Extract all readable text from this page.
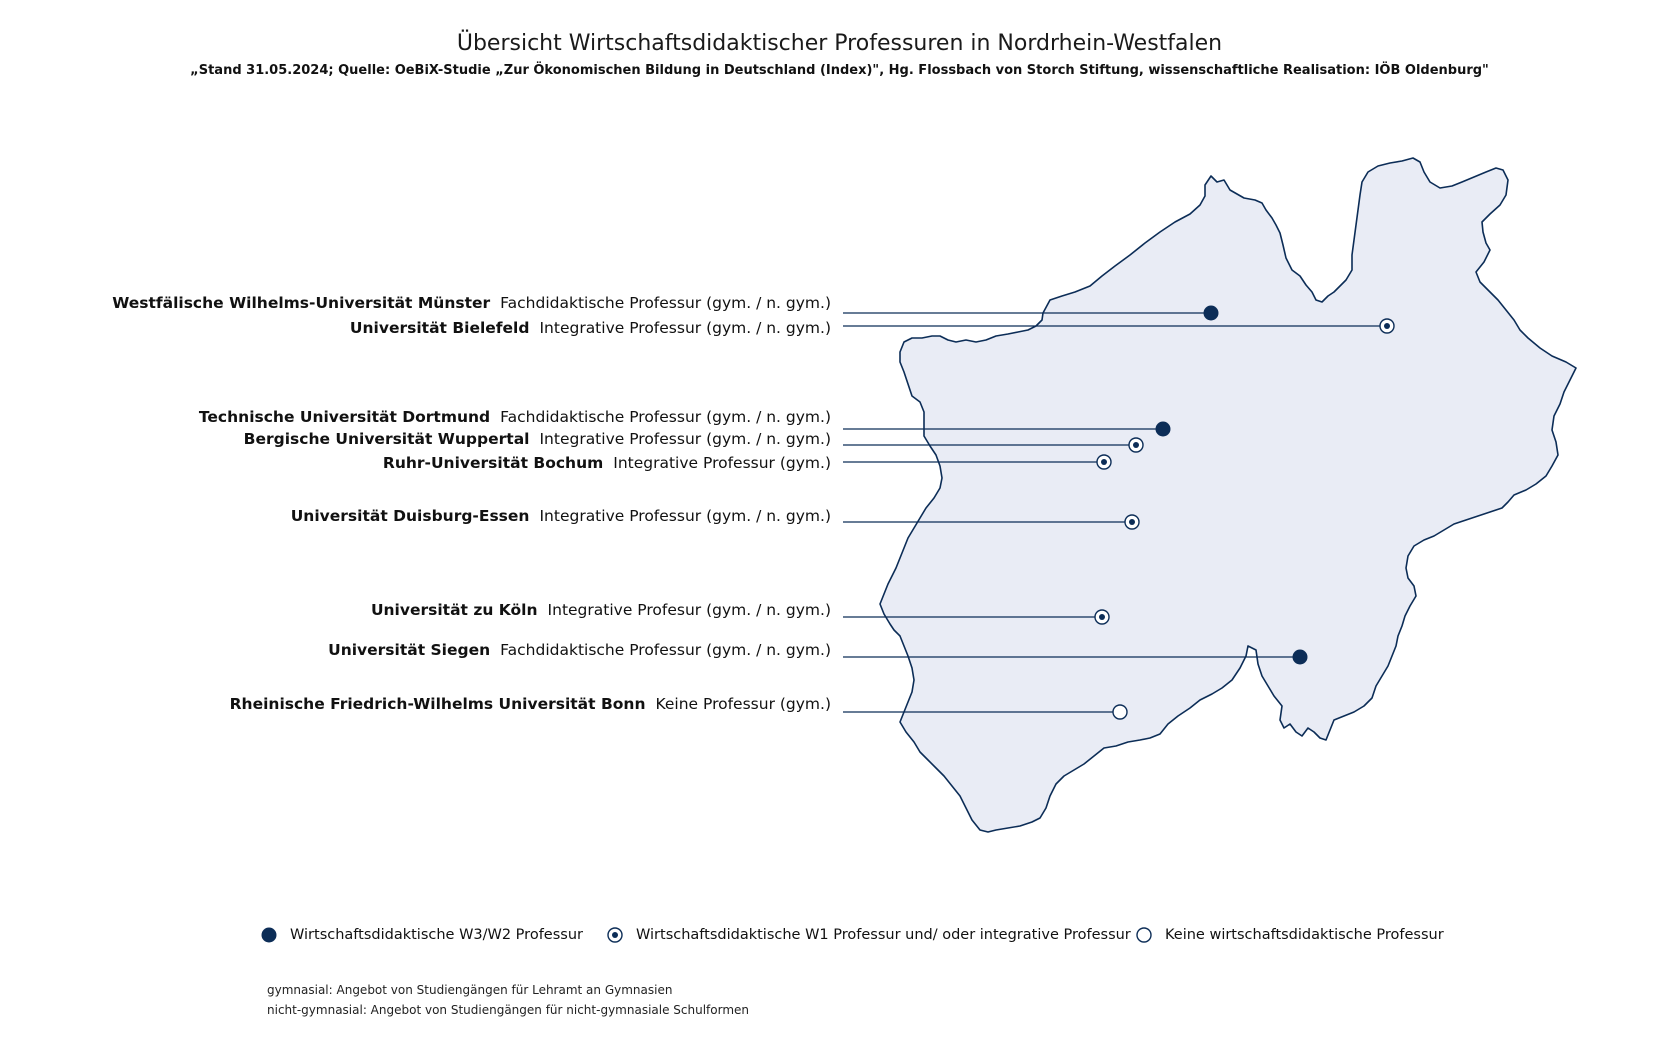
Übersicht Wirtschaftsdidaktischer Professuren in Nordrhein-Westfalen
„Stand 31.05.2024; Quelle: OeBiX-Studie „Zur Ökonomischen Bildung in Deutschland (Index)", Hg. Flossbach von Storch Stiftung, wissenschaftliche Realisation: IÖB Oldenburg"
Westfälische Wilhelms-Universität Münster Fachdidaktische Professur (gym. / n. gym.)
Universität Bielefeld Integrative Professur (gym. / n. gym.)
Technische Universität Dortmund Fachdidaktische Professur (gym. / n. gym.)
Bergische Universität Wuppertal Integrative Professur (gym. / n. gym.)
Ruhr-Universität Bochum Integrative Professur (gym.)
Universität Duisburg-Essen Integrative Professur (gym. / n. gym.)
Universität zu Köln Integrative Profesur (gym. / n. gym.)
Universität Siegen Fachdidaktische Professur (gym. / n. gym.)
Rheinische Friedrich-Wilhelms Universität Bonn Keine Professur (gym.)
Wirtschaftsdidaktische W3/W2 Professur	Wirtschaftsdidaktische W1 Professur und/ oder integrative Professur Keine wirtschaftsdidaktische Professur
gymnasial: Angebot von Studiengängen für Lehramt an Gymnasien
nicht-gymnasial: Angebot von Studiengängen für nicht-gymnasiale Schulformen
